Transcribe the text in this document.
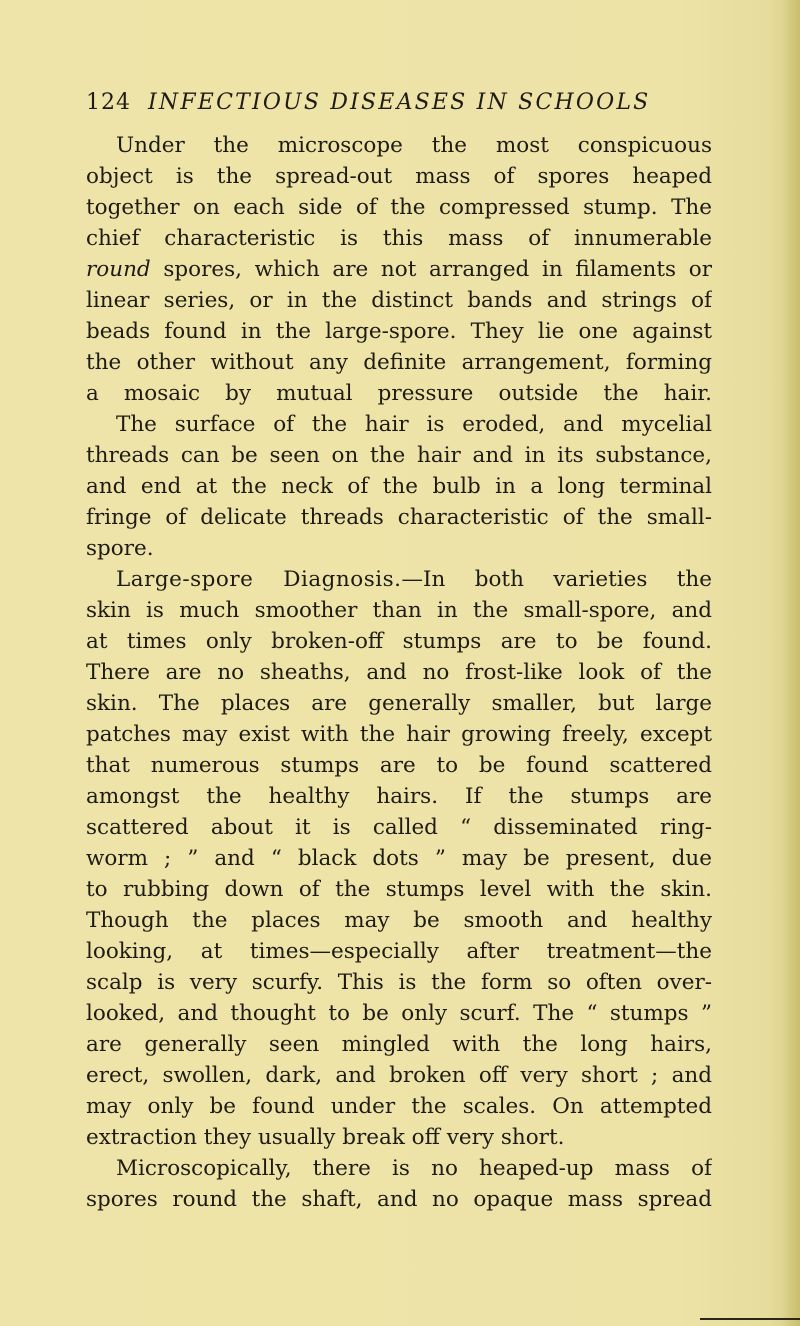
124 INFECTIOUS DISEASES IN SCHOOLS
Under the microscope the most conspicuous
object is the spread-out mass of spores heaped
together on each side of the compressed stump. The
chief characteristic is this mass of innumerable
round spores, which are not arranged in filaments or
linear series, or in the distinct bands and strings of
beads found in the large-spore. They lie one against
the other without any definite arrangement, forming
a mosaic by mutual pressure outside the hair.
The surface of the hair is eroded, and mycelial
threads can be seen on the hair and in its substance,
and end at the neck of the bulb in a long terminal
fringe of delicate threads characteristic of the small-
spore.
Large-spore Diagnosis.—In both varieties the
skin is much smoother than in the small-spore, and
at times only broken-off stumps are to be found.
There are no sheaths, and no frost-like look of the
skin. The places are generally smaller, but large
patches may exist with the hair growing freely, except
that numerous stumps are to be found scattered
amongst the healthy hairs. If the stumps are
scattered about it is called “ disseminated ring-
worm ; ” and “ black dots ” may be present, due
to rubbing down of the stumps level with the skin.
Though the places may be smooth and healthy
looking, at times—especially after treatment—the
scalp is very scurfy. This is the form so often over-
looked, and thought to be only scurf. The “ stumps ”
are generally seen mingled with the long hairs,
erect, swollen, dark, and broken off very short ; and
may only be found under the scales. On attempted
extraction they usually break off very short.
Microscopically, there is no heaped-up mass of
spores round the shaft, and no opaque mass spread
